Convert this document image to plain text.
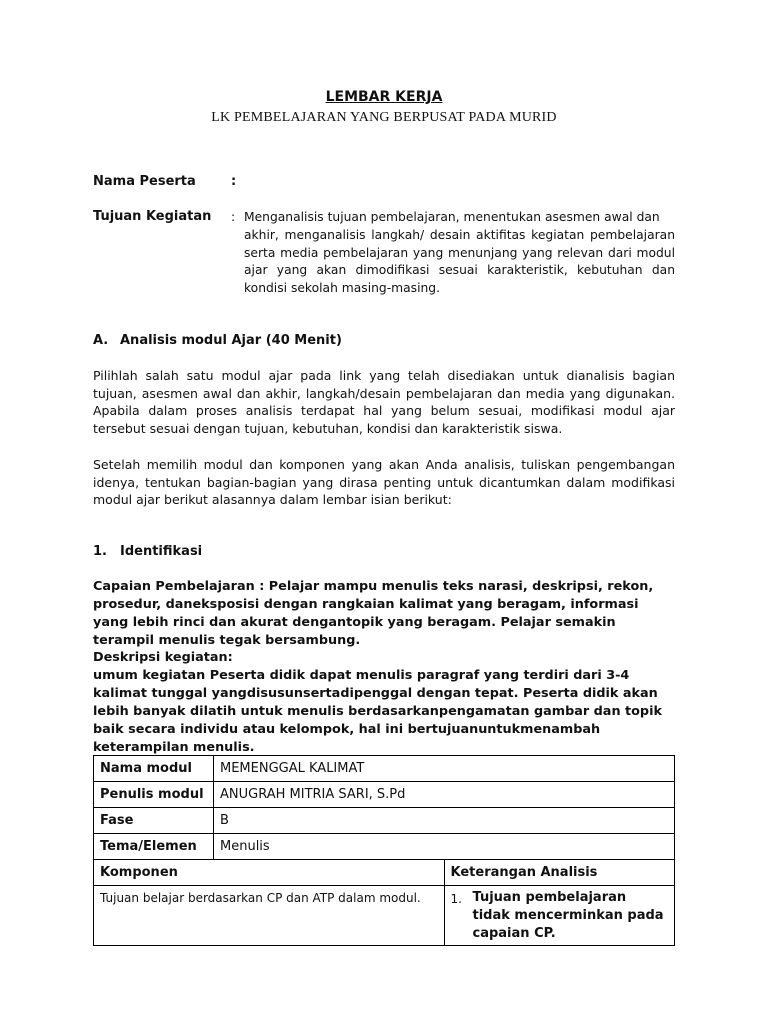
LEMBAR KERJA
LK PEMBELAJARAN YANG BERPUSAT PADA MURID
Nama Peserta	:
Tujuan Kegiatan : Menganalisis tujuan pembelajaran, menentukan asesmen awal dan
akhir, menganalisis langkah/ desain aktifitas kegiatan pembelajaran serta media pembelajaran yang menunjang yang relevan dari modul ajar yang akan dimodifikasi sesuai karakteristik, kebutuhan dan kondisi sekolah masing-masing.
A. Analisis modul Ajar (40 Menit)
Pilihlah salah satu modul ajar pada link yang telah disediakan untuk dianalisis bagian tujuan, asesmen awal dan akhir, langkah/desain pembelajaran dan media yang digunakan. Apabila dalam proses analisis terdapat hal yang belum sesuai, modifikasi modul ajar tersebut sesuai dengan tujuan, kebutuhan, kondisi dan karakteristik siswa.
Setelah memilih modul dan komponen yang akan Anda analisis, tuliskan pengembangan idenya, tentukan bagian-bagian yang dirasa penting untuk dicantumkan dalam modifikasi modul ajar berikut alasannya dalam lembar isian berikut:
1. Identifikasi
Capaian Pembelajaran : Pelajar mampu menulis teks narasi, deskripsi, rekon, prosedur, daneksposisi dengan rangkaian kalimat yang beragam, informasi yang lebih rinci dan akurat dengantopik yang beragam. Pelajar semakin terampil menulis tegak bersambung.
Deskripsi kegiatan:
umum kegiatan Peserta didik dapat menulis paragraf yang terdiri dari 3-4 kalimat tunggal yangdisusunsertadipenggal dengan tepat. Peserta didik akan lebih banyak dilatih untuk menulis berdasarkanpengamatan gambar dan topik baik secara individu atau kelompok, hal ini bertujuanuntukmenambah keterampilan menulis.
Nama modul	MEMENGGAL KALIMAT	
Penulis modul	ANUGRAH MITRIA SARI, S.Pd	
Fase	B	
Tema/Elemen	Menulis	
Komponen		Keterangan Analisis
Tujuan belajar berdasarkan CP dan ATP dalam modul.		1. Tujuan pembelajaran tidak mencerminkan pada capaian CP.
